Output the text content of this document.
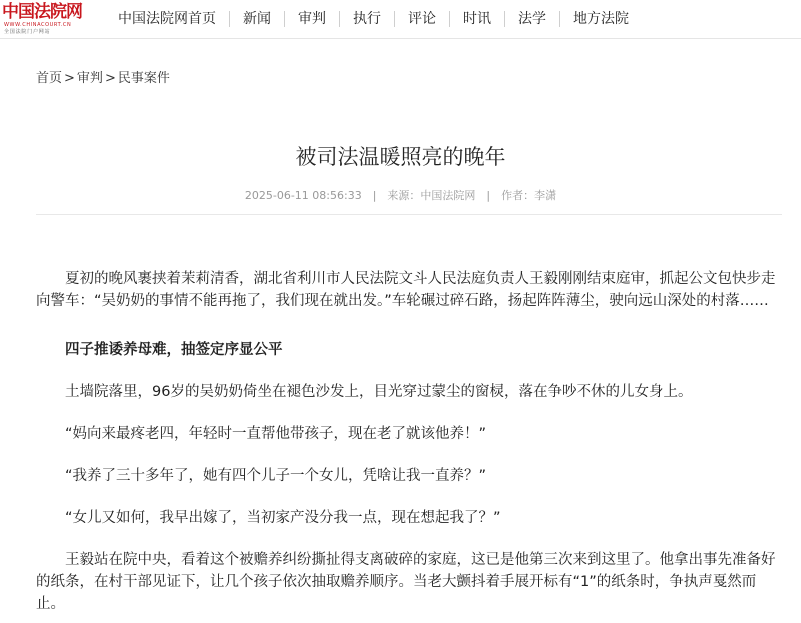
中国法院网
WWW.CHINACOURT.CN
全国法院门户网站
中国法院网首页	新闻	审判	执行	评论	时讯	法学	地方法院
首页 > 审判 > 民事案件
被司法温暖照亮的晚年
2025-06-11 08:56:33 | 来源：中国法院网 | 作者：李潇

夏初的晚风裹挟着茉莉清香，湖北省利川市人民法院文斗人民法庭负责人王毅刚刚结束庭审，抓起公文包快步走向警车：“吴奶奶的事情不能再拖了，我们现在就出发。”车轮碾过碎石路，扬起阵阵薄尘，驶向远山深处的村落……

四子推诿养母难，抽签定序显公平

土墙院落里，96岁的吴奶奶倚坐在褪色沙发上，目光穿过蒙尘的窗棂，落在争吵不休的儿女身上。

“妈向来最疼老四，年轻时一直帮他带孩子，现在老了就该他养！”

“我养了三十多年了，她有四个儿子一个女儿，凭啥让我一直养？”

“女儿又如何，我早出嫁了，当初家产没分我一点，现在想起我了？”

王毅站在院中央，看着这个被赡养纠纷撕扯得支离破碎的家庭，这已是他第三次来到这里了。他拿出事先准备好的纸条，在村干部见证下，让几个孩子依次抽取赡养顺序。当老大颤抖着手展开标有“1”的纸条时，争执声戛然而止。
